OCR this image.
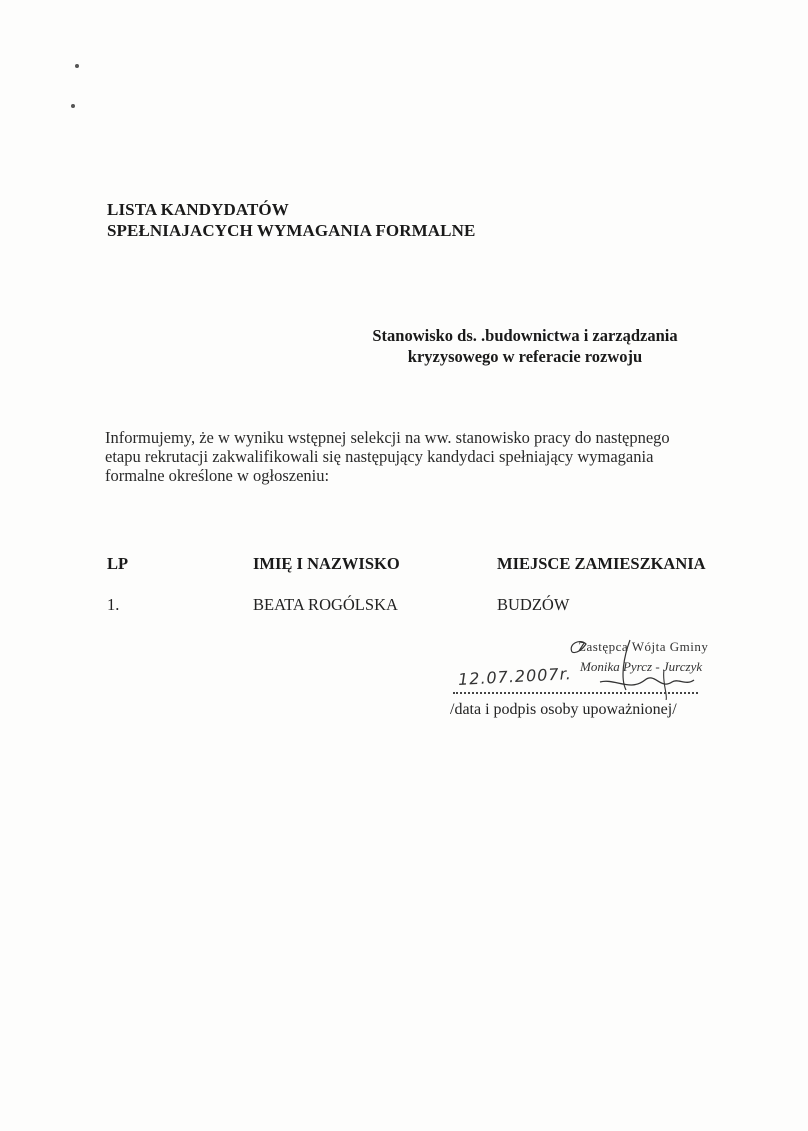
LISTA KANDYDATÓW
SPEŁNIAJACYCH WYMAGANIA FORMALNE
Stanowisko ds. .budownictwa i zarządzania
kryzysowego w referacie rozwoju
Informujemy, że w wyniku wstępnej selekcji na ww. stanowisko pracy do następnego
etapu rekrutacji zakwalifikowali się następujący kandydaci spełniający wymagania
formalne określone w ogłoszeniu:
LP	IMIĘ I NAZWISKO	MIEJSCE ZAMIESZKANIA
1.	BEATA ROGÓLSKA	BUDZÓW
Zastępca Wójta Gminy
Monika Pyrcz - Jurczyk
12.07.2007r.
/data i podpis osoby upoważnionej/
